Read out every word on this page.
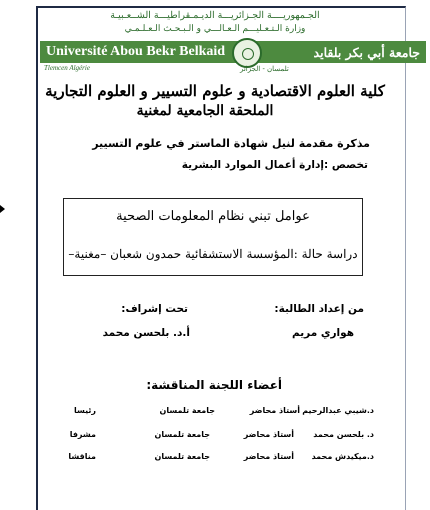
الجـمهوريــــة الجـزائريـــة الديـمـقراطيـــة الشــعـبيـة
وزارة الـتـعـليـــم الـعـالـــي و الـبـحـث الـعـلـمـي
Université Abou Bekr Belkaid	جامعة أبي بكر بلقايد
Tlemcen Algérie	تلمسان - الجزائر
كلية العلوم الاقتصادية و علوم التسيير و العلوم التجارية
الملحقة الجامعية لمغنية
مذكرة مقدمة لنيل شهادة الماستر في علوم التسيير
تخصص :إدارة أعمال الموارد البشرية
عوامل تبني نظام المعلومات الصحية
دراسة حالة :المؤسسة الاستشفائية حمدون شعبان –مغنية–
من إعداد الطالبة:
تحت إشراف:
هواري مريم
أ.د. بلحسن محمد
أعضاء اللجنة المناقشة:
د.شيبي عبدالرحيم
أستاذ محاضر
جامعة تلمسان
رئيسا
د. بلحسن محمد
أستاذ محاضر
جامعة تلمسان
مشرفا
د.ميكيدش محمد
أستاذ محاضر
جامعة تلمسان
مناقشا
